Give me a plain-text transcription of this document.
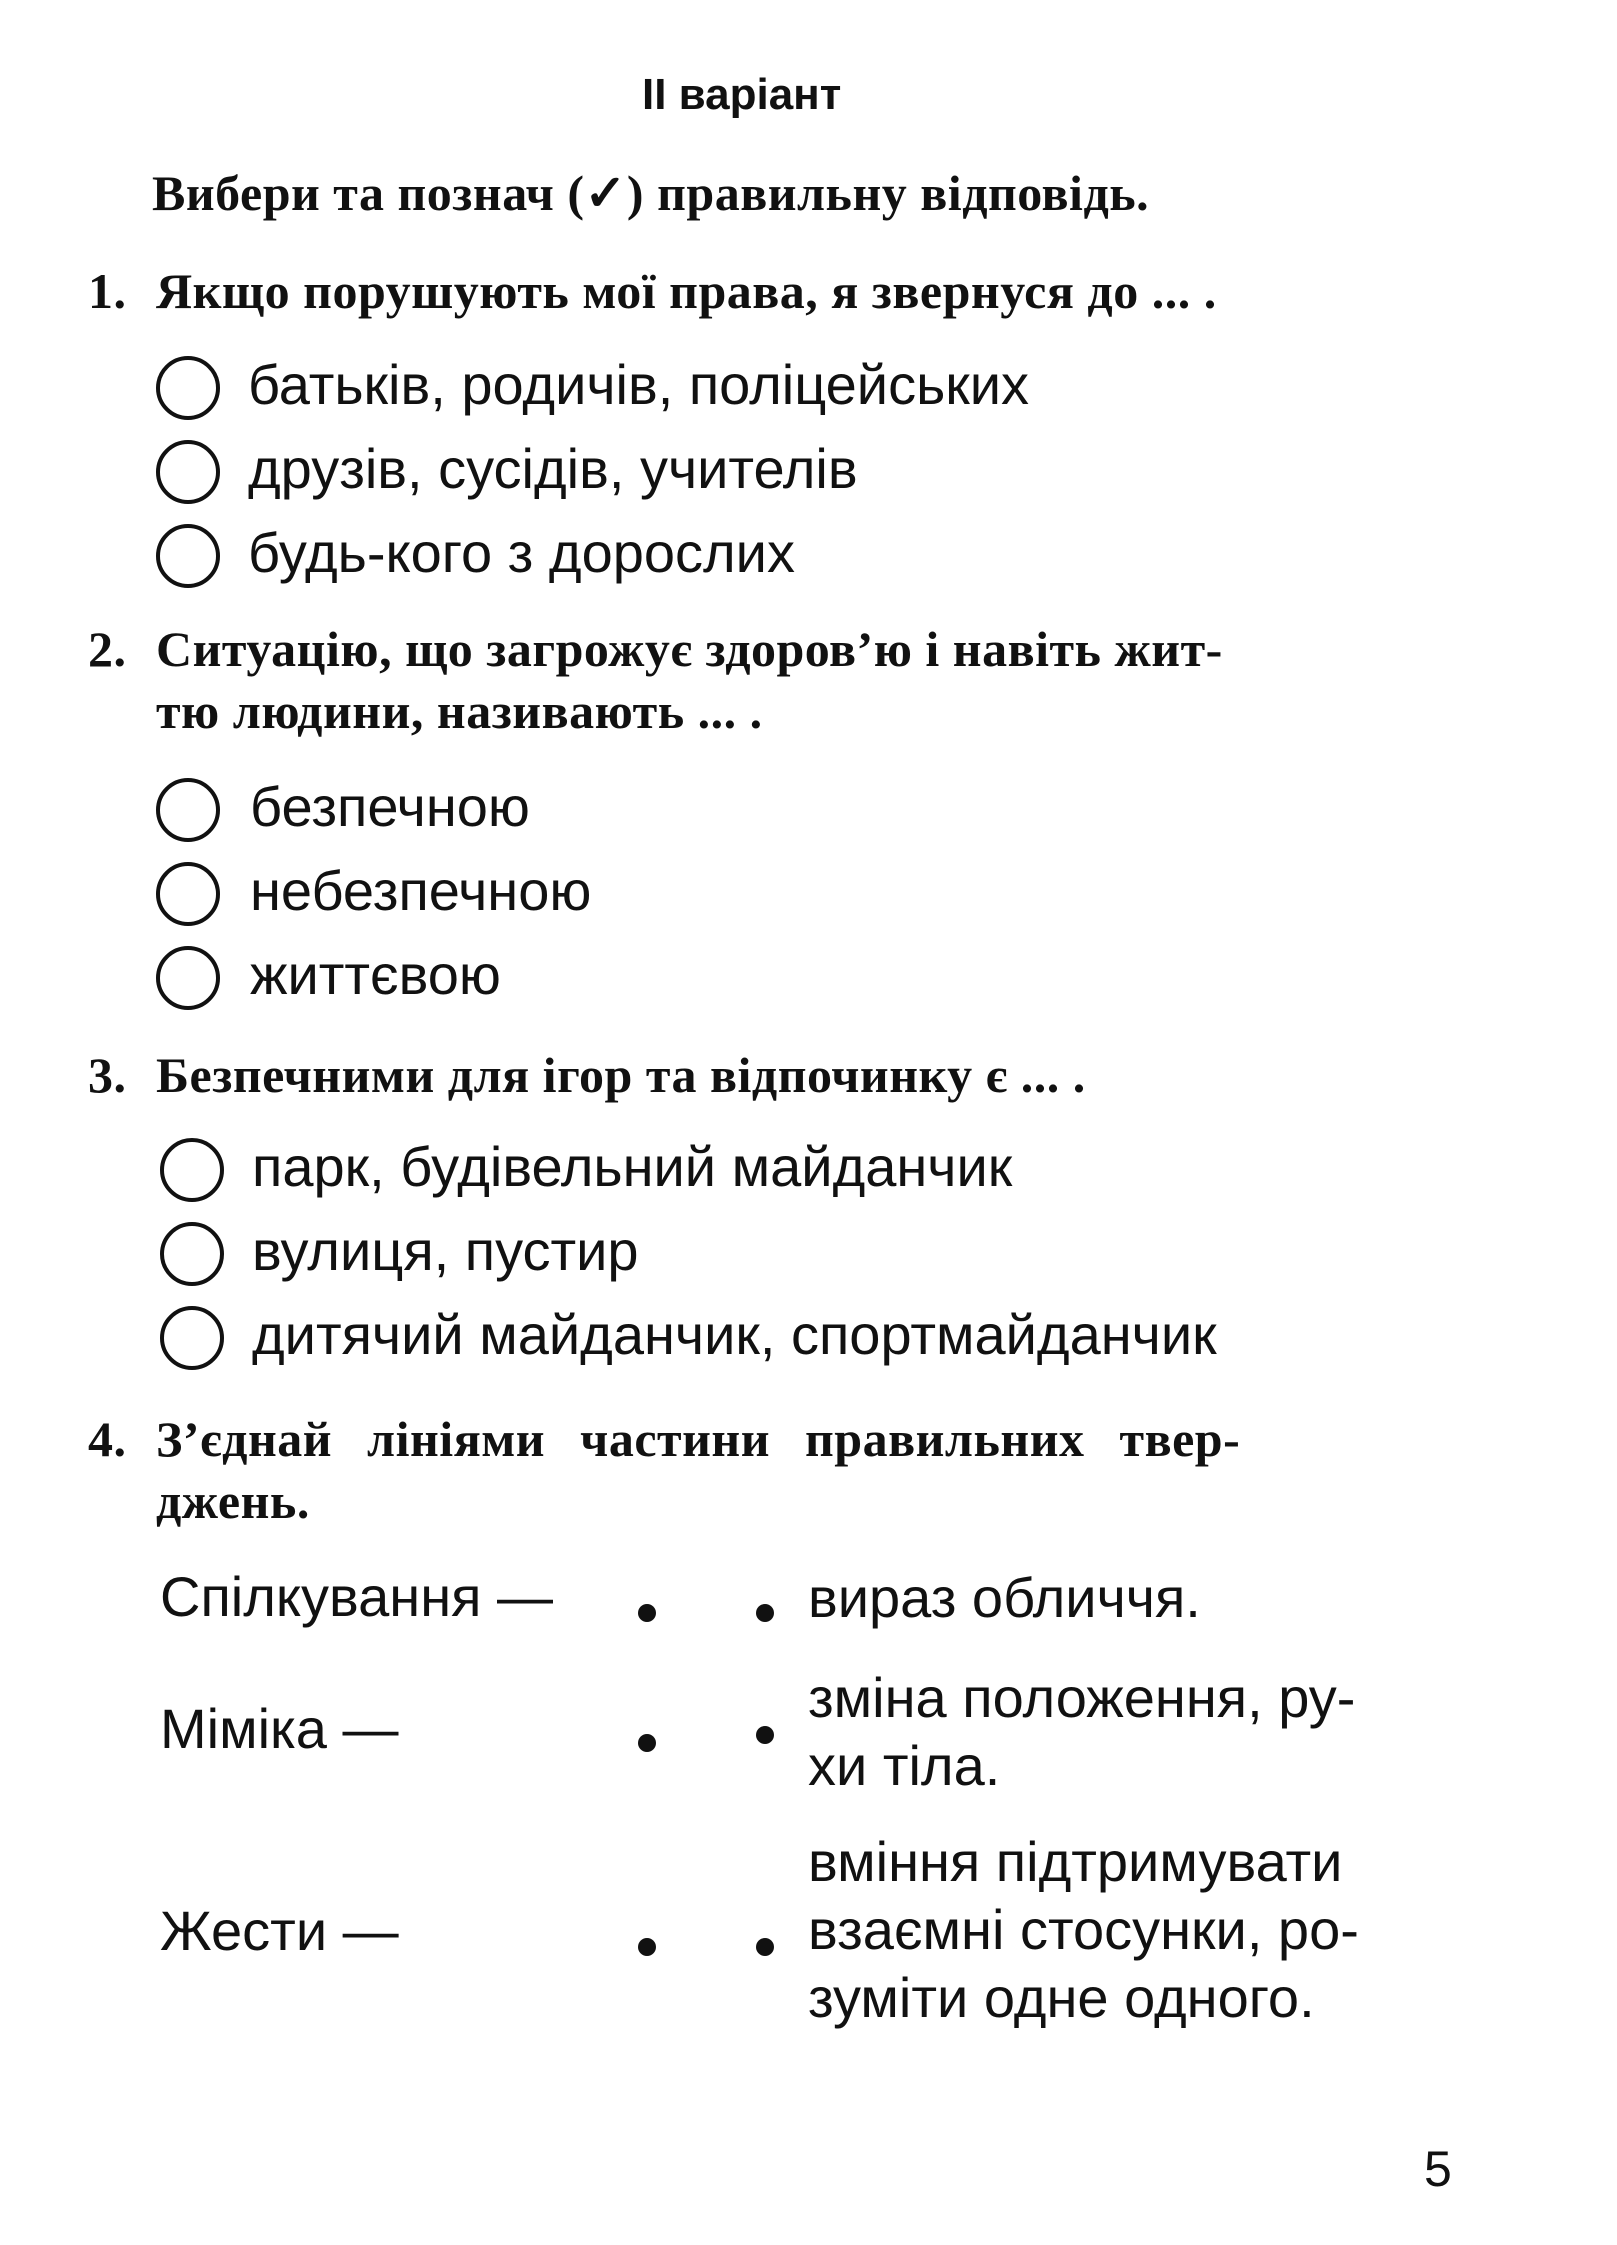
II варіант
Вибери та познач (✓) правильну відповідь.
1. Якщо порушують мої права, я звернуся до ... .
батьків, родичів, поліцейських
друзів, сусідів, учителів
будь-кого з дорослих
2. Ситуацію, що загрожує здоров’ю і навіть жит-
тю людини, називають ... .
безпечною
небезпечною
життєвою
3. Безпечними для ігор та відпочинку є ... .
парк, будівельний майданчик
вулиця, пустир
дитячий майданчик, спортмайданчик
4. З’єднай лініями частини правильних твер-
джень.
Спілкування —	вираз обличчя.
Міміка —	зміна положення, ру-
хи тіла.
Жести —
вміння підтримувати
взаємні стосунки, ро-
зуміти одне одного.
5
